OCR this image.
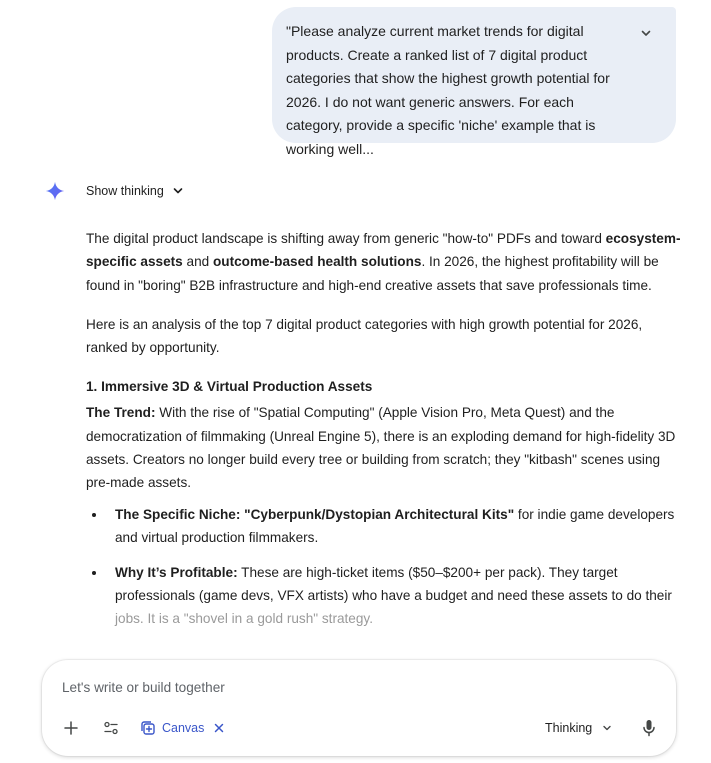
"Please analyze current market trends for digital products. Create a ranked list of 7 digital product categories that show the highest growth potential for 2026. I do not want generic answers. For each category, provide a specific 'niche' example that is working well...
Show thinking

The digital product landscape is shifting away from generic "how-to" PDFs and toward ecosystem-specific assets and outcome-based health solutions. In 2026, the highest profitability will be found in "boring" B2B infrastructure and high-end creative assets that save professionals time.

Here is an analysis of the top 7 digital product categories with high growth potential for 2026, ranked by opportunity.

1. Immersive 3D & Virtual Production Assets

The Trend: With the rise of "Spatial Computing" (Apple Vision Pro, Meta Quest) and the democratization of filmmaking (Unreal Engine 5), there is an exploding demand for high-fidelity 3D assets. Creators no longer build every tree or building from scratch; they "kitbash" scenes using pre-made assets.

The Specific Niche: "Cyberpunk/Dystopian Architectural Kits" for indie game developers and virtual production filmmakers.
Why It’s Profitable: These are high-ticket items ($50–$200+ per pack). They target professionals (game devs, VFX artists) who have a budget and need these assets to do their jobs. It is a "shovel in a gold rush" strategy.
Let's write or build together
Canvas	Thinking
